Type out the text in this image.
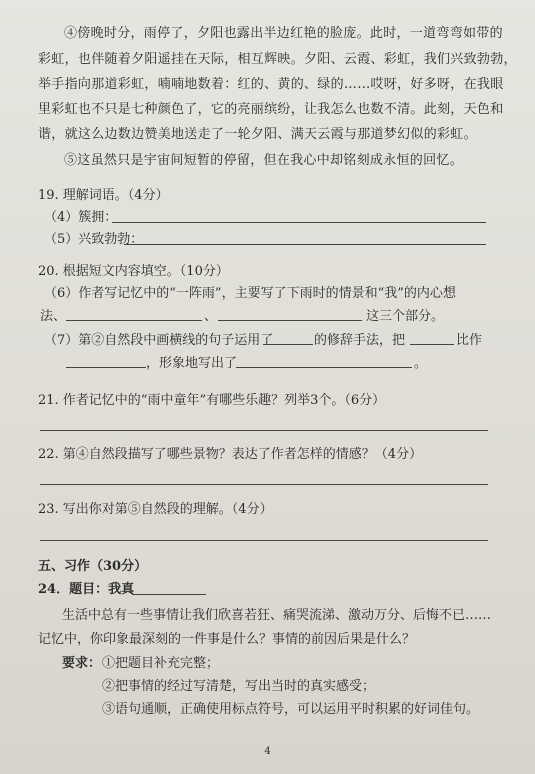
④傍晚时分，雨停了，夕阳也露出半边红艳的脸庞。此时，一道弯弯如带的
彩虹，也伴随着夕阳遥挂在天际，相互辉映。夕阳、云霞、彩虹，我们兴致勃勃，
举手指向那道彩虹，喃喃地数着：红的、黄的、绿的……哎呀，好多呀，在我眼
里彩虹也不只是七种颜色了，它的亮丽缤纷，让我怎么也数不清。此刻，天色和
谐，就这么边数边赞美地送走了一轮夕阳、满天云霞与那道梦幻似的彩虹。
⑤这虽然只是宇宙间短暂的停留，但在我心中却铭刻成永恒的回忆。
19. 理解词语。（4分）
（4）簇拥：
（5）兴致勃勃：
20. 根据短文内容填空。（10分）
（6）作者写记忆中的“一阵雨”，主要写了下雨时的情景和“我”的内心想
法、	、	这三个部分。
（7）第②自然段中画横线的句子运用了	的修辞手法，把	比作
，形象地写出了	。
21. 作者记忆中的“雨中童年”有哪些乐趣？列举3个。（6分）
22. 第④自然段描写了哪些景物？表达了作者怎样的情感？（4分）
23. 写出你对第⑤自然段的理解。（4分）
五、习作（30分）
24．题目：我真
生活中总有一些事情让我们欣喜若狂、痛哭流涕、激动万分、后悔不已……
记忆中，你印象最深刻的一件事是什么？事情的前因后果是什么？
要求： ①把题目补充完整；
②把事情的经过写清楚，写出当时的真实感受；
③语句通顺，正确使用标点符号，可以运用平时积累的好词佳句。
4
